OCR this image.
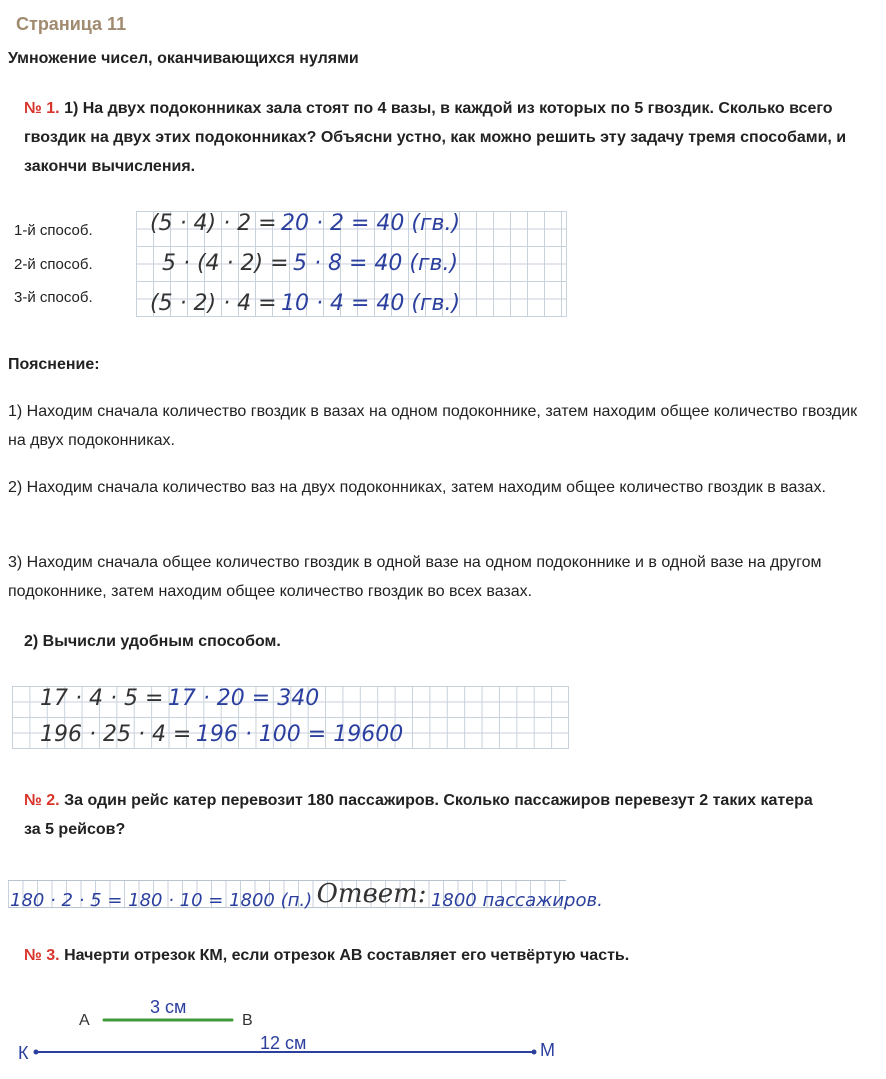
Страница 11
Умножение чисел, оканчивающихся нулями
№ 1. 1) На двух подоконниках зала стоят по 4 вазы, в каждой из которых по 5 гвоздик. Сколько всего гвоздик на двух этих подоконниках? Объясни устно, как можно решить эту задачу тремя способами, и закончи вычисления.
1-й способ.
2-й способ.
3-й способ.
(5 · 4) · 2 = 20 · 2 = 40 (гв.)
5 · (4 · 2) = 5 · 8 = 40 (гв.)
(5 · 2) · 4 = 10 · 4 = 40 (гв.)
Пояснение:
1) Находим сначала количество гвоздик в вазах на одном подоконнике, затем находим общее количество гвоздик на двух подоконниках.
2) Находим сначала количество ваз на двух подоконниках, затем находим общее количество гвоздик в вазах.
3) Находим сначала общее количество гвоздик в одной вазе на одном подоконнике и в одной вазе на другом подоконнике, затем находим общее количество гвоздик во всех вазах.
2) Вычисли удобным способом.
17 · 4 · 5 = 17 · 20 = 340
196 · 25 · 4 = 196 · 100 = 19600
№ 2. За один рейс катер перевозит 180 пассажиров. Сколько пассажиров перевезут 2 таких катера за 5 рейсов?
180 · 2 · 5 = 180 · 10 = 1800 (п.) Ответ: 1800 пассажиров.
№ 3. Начерти отрезок КМ, если отрезок АВ составляет его четвёртую часть.
3 см
А	В
12 см
К	М
